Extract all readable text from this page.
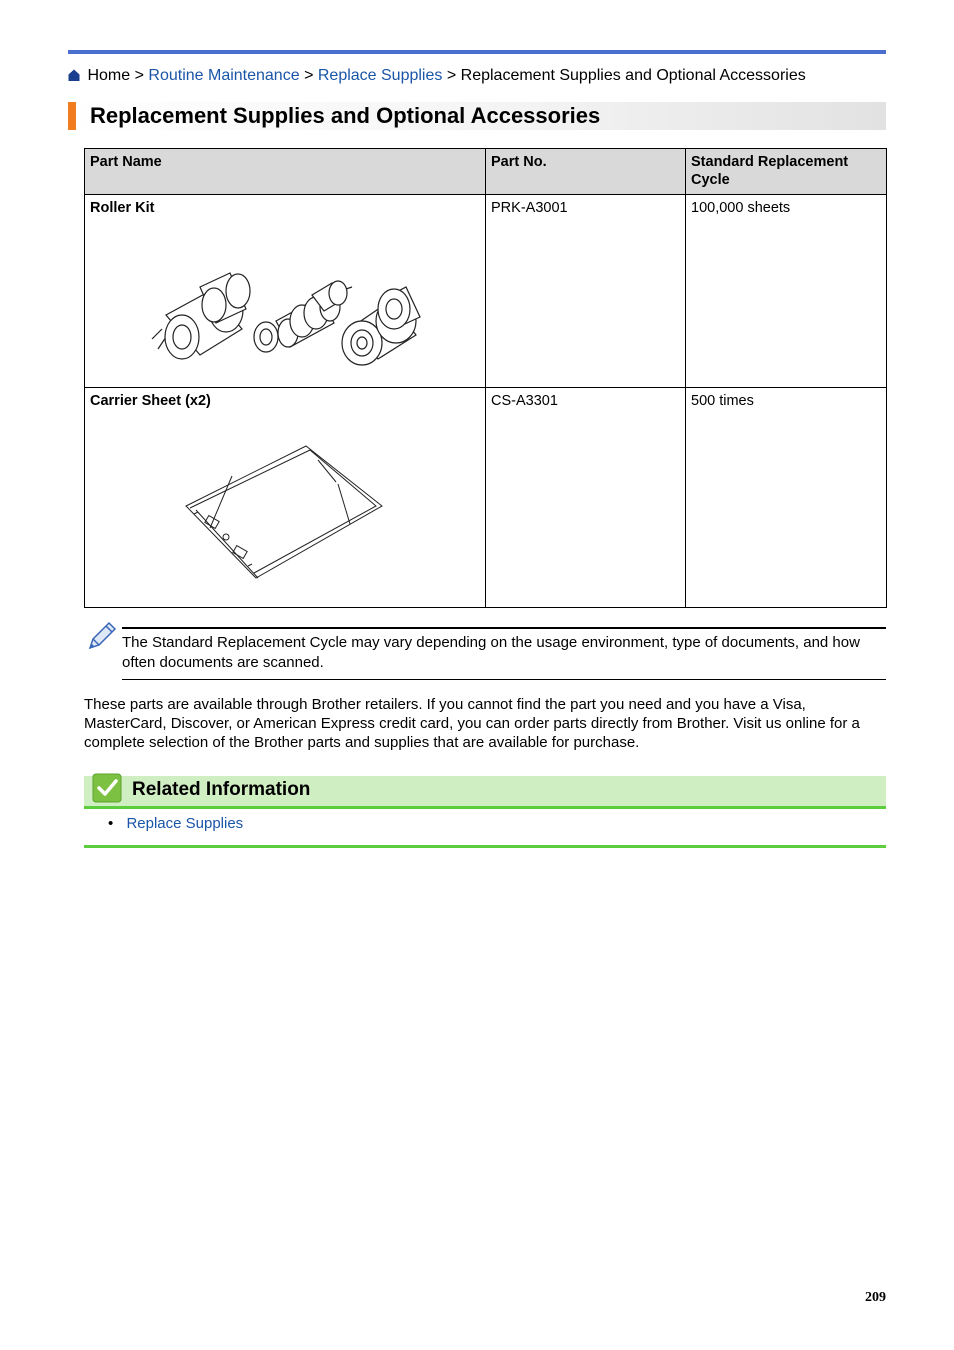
Home > Routine Maintenance > Replace Supplies > Replacement Supplies and Optional Accessories
Replacement Supplies and Optional Accessories
Part Name	Part No.	Standard Replacement Cycle

Roller Kit	PRK-A3001	100,000 sheets

Carrier Sheet (x2)	CS-A3301	500 times
The Standard Replacement Cycle may vary depending on the usage environment, type of documents, and how often documents are scanned.

These parts are available through Brother retailers. If you cannot find the part you need and you have a Visa, MasterCard, Discover, or American Express credit card, you can order parts directly from Brother. Visit us online for a complete selection of the Brother parts and supplies that are available for purchase.

Related Information
• Replace Supplies
209
